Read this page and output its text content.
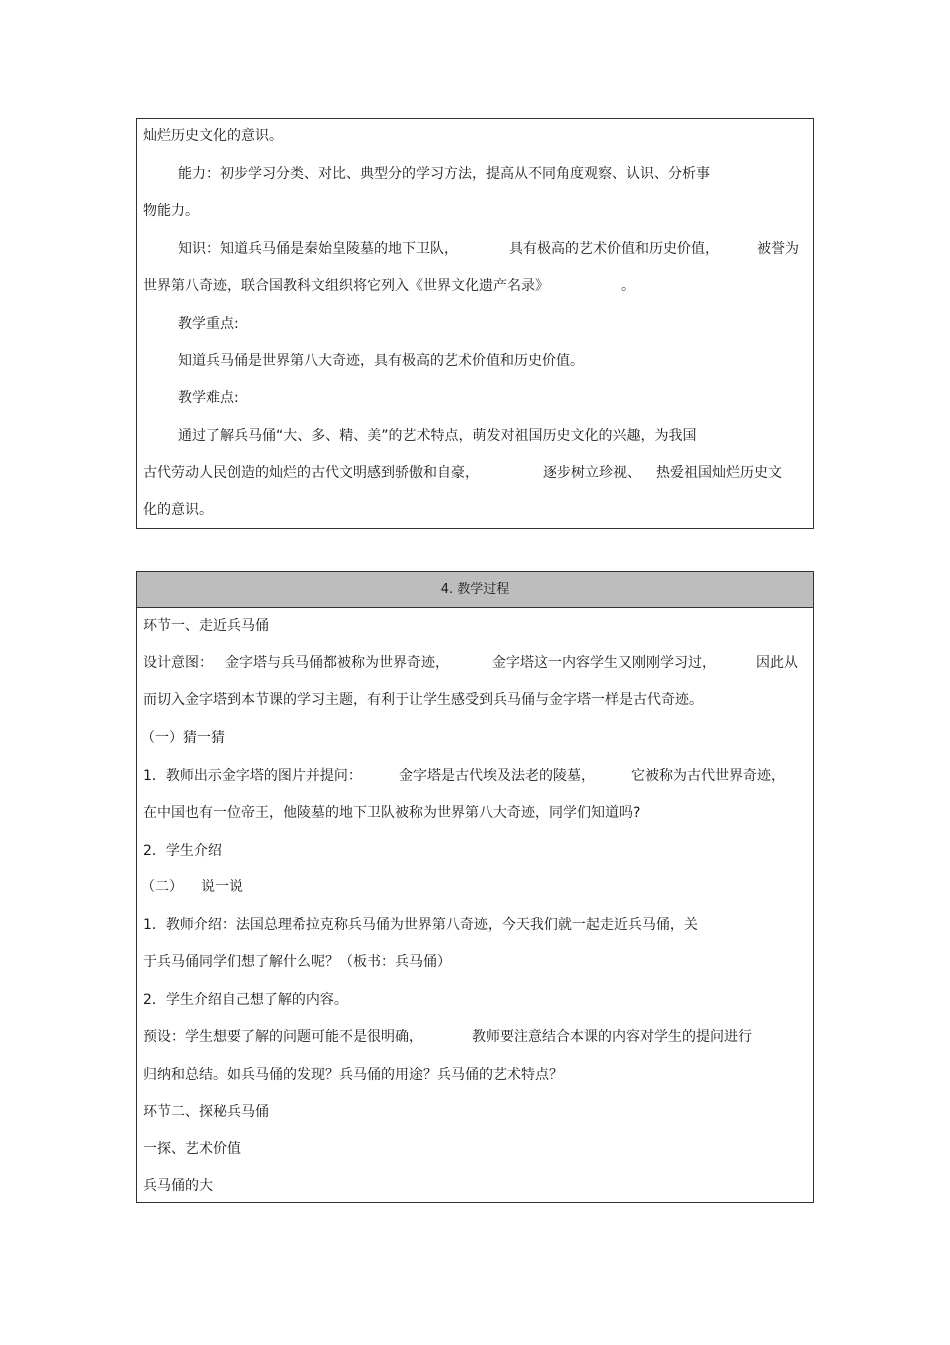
灿烂历史文化的意识。

能力：初步学习分类、对比、典型分的学习方法，提高从不同角度观察、认识、分析事

物能力。

知识：知道兵马俑是秦始皇陵墓的地下卫队，	具有极高的艺术价值和历史价值，	被誉为

世界第八奇迹，联合国教科文组织将它列入《世界文化遗产名录》	。

教学重点:

知道兵马俑是世界第八大奇迹，具有极高的艺术价值和历史价值。

教学难点:

通过了解兵马俑“大、多、精、美”的艺术特点，萌发对祖国历史文化的兴趣，为我国

古代劳动人民创造的灿烂的古代文明感到骄傲和自豪，	逐步树立珍视、 热爱祖国灿烂历史文

化的意识。

4. 教学过程

环节一、走近兵马俑

设计意图： 金字塔与兵马俑都被称为世界奇迹，	金字塔这一内容学生又刚刚学习过，	因此从

而切入金字塔到本节课的学习主题，有利于让学生感受到兵马俑与金字塔一样是古代奇迹。

（一）猜一猜

1．教师出示金字塔的图片并提问：	金字塔是古代埃及法老的陵墓，	它被称为古代世界奇迹，

在中国也有一位帝王，他陵墓的地下卫队被称为世界第八大奇迹，同学们知道吗?

2．学生介绍

（二） 说一说

1．教师介绍：法国总理希拉克称兵马俑为世界第八奇迹，今天我们就一起走近兵马俑，关

于兵马俑同学们想了解什么呢？（板书：兵马俑）

2．学生介绍自己想了解的内容。

预设：学生想要了解的问题可能不是很明确，	教师要注意结合本课的内容对学生的提问进行

归纳和总结。如兵马俑的发现？兵马俑的用途？兵马俑的艺术特点？

环节二、探秘兵马俑

一探、艺术价值

兵马俑的大
